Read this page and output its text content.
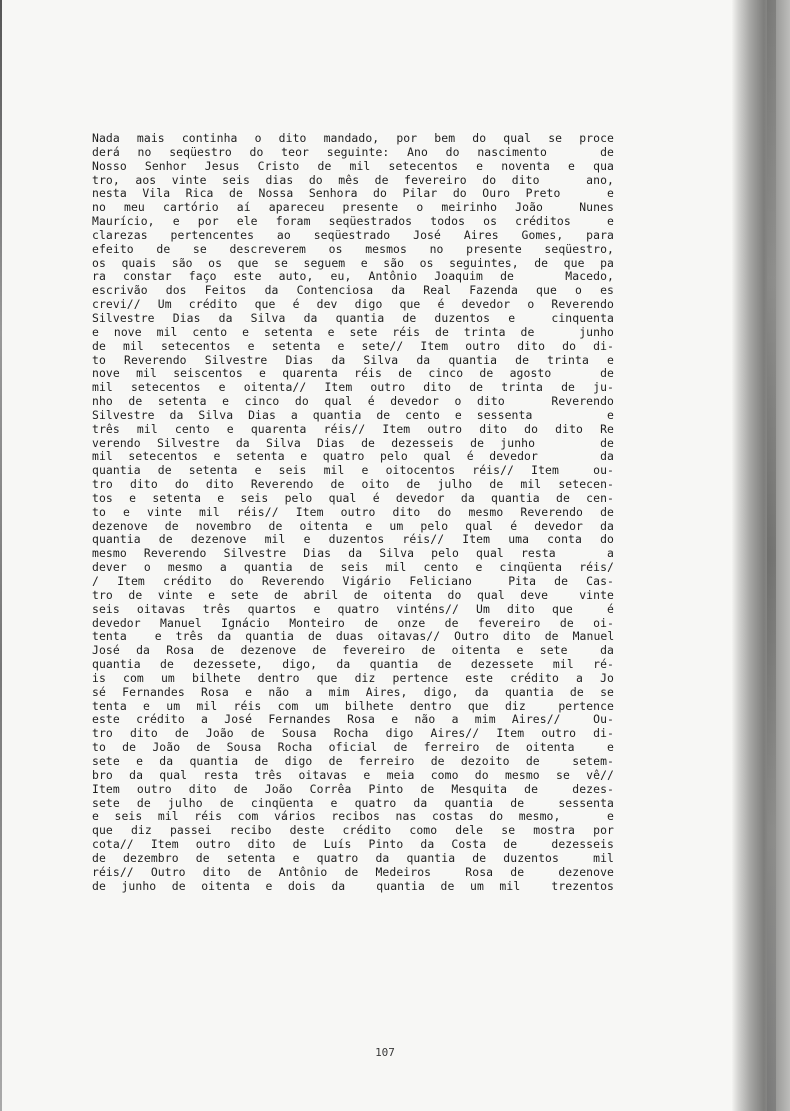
Nada mais continha o dito mandado, por bem do qual se proce
derá no seqüestro do teor seguinte: Ano do nascimento   de
Nosso Senhor Jesus Cristo de mil setecentos e noventa e qua
tro, aos vinte seis dias do mês de fevereiro do dito   ano,
nesta Vila Rica de Nossa Senhora do Pilar do Ouro Preto   e
no meu cartório aí apareceu presente o meirinho João  Nunes
Maurício, e por ele foram seqüestrados todos os créditos  e
clarezas pertencentes ao seqüestrado José Aires Gomes, para
efeito de se descreverem os mesmos no presente seqüestro,
os quais são os que se seguem e são os seguintes, de que pa
ra constar faço este auto, eu, Antônio Joaquim de   Macedo,
escrivão dos Feitos da Contenciosa da Real Fazenda que o es
crevi// Um crédito que é dev digo que é devedor o Reverendo
Silvestre Dias da Silva da quantia de duzentos e  cinquenta
e nove mil cento e setenta e sete réis de trinta de   junho
de mil setecentos e setenta e sete// Item outro dito do di-
to Reverendo Silvestre Dias da Silva da quantia de trinta e
nove mil seiscentos e quarenta réis de cinco de agosto   de
mil setecentos e oitenta// Item outro dito de trinta de ju-
nho de setenta e cinco do qual é devedor o dito   Reverendo
Silvestre da Silva Dias a quantia de cento e sessenta     e
três mil cento e quarenta réis// Item outro dito do dito Re
verendo Silvestre da Silva Dias de dezesseis de junho    de
mil setecentos e setenta e quatro pelo qual é devedor    da
quantia de setenta e seis mil e oitocentos réis// Item  ou-
tro dito do dito Reverendo de oito de julho de mil setecen-
tos e setenta e seis pelo qual é devedor da quantia de cen-
to e vinte mil réis// Item outro dito do mesmo Reverendo de
dezenove de novembro de oitenta e um pelo qual é devedor da
quantia de dezenove mil e duzentos réis// Item uma conta do
mesmo Reverendo Silvestre Dias da Silva pelo qual resta   a
dever o mesmo a quantia de seis mil cento e cinqüenta réis/
/ Item crédito do Reverendo Vigário Feliciano  Pita de Cas-
tro de vinte e sete de abril de oitenta do qual deve  vinte
seis oitavas três quartos e quatro vinténs// Um dito que  é
devedor Manuel Ignácio Monteiro de onze de fevereiro de oi-
tenta  e três da quantia de duas oitavas// Outro dito de Manuel
José da Rosa de dezenove de fevereiro de oitenta e sete  da
quantia de dezessete, digo, da quantia de dezessete mil ré-
is com um bilhete dentro que diz pertence este crédito a Jo
sé Fernandes Rosa e não a mim Aires, digo, da quantia de se
tenta e um mil réis com um bilhete dentro que diz  pertence
este crédito a José Fernandes Rosa e não a mim Aires//  Ou-
tro dito de João de Sousa Rocha digo Aires// Item outro di-
to de João de Sousa Rocha oficial de ferreiro de oitenta  e
sete e da quantia de digo de ferreiro de dezoito de  setem-
bro da qual resta três oitavas e meia como do mesmo se vê//
Item outro dito de João Corrêa Pinto de Mesquita de  dezes-
sete de julho de cinqüenta e quatro da quantia de  sessenta
e seis mil réis com vários recibos nas costas do mesmo,   e
que diz passei recibo deste crédito como dele se mostra por
cota// Item outro dito de Luís Pinto da Costa de  dezesseis
de dezembro de setenta e quatro da quantia de duzentos  mil
réis// Outro dito de Antônio de Medeiros  Rosa de  dezenove
de junho de oitenta e dois da  quantia de um mil  trezentos
107
